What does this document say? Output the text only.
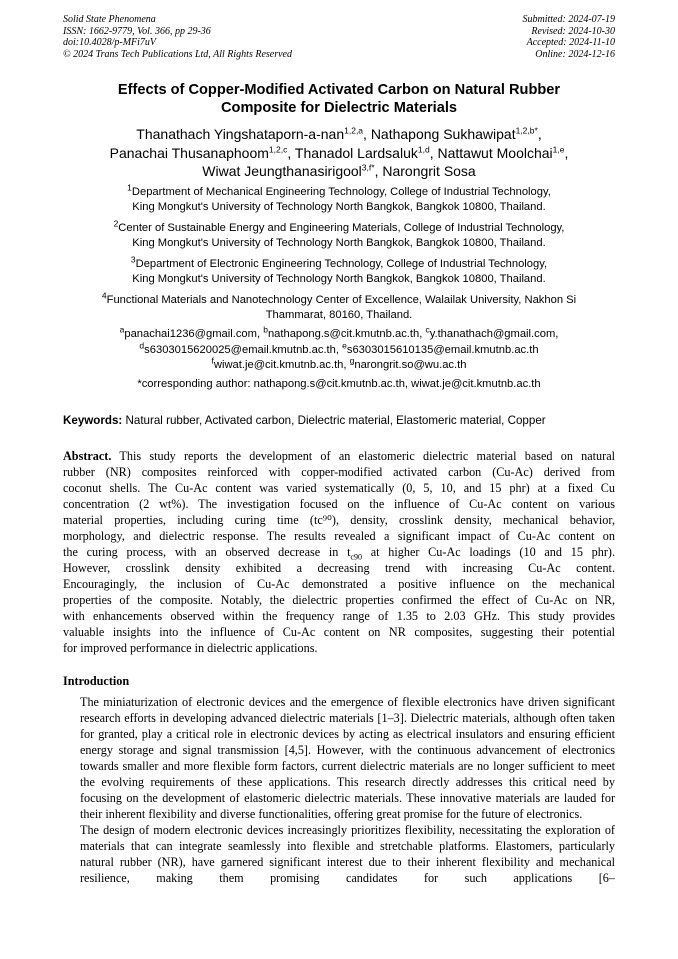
Solid State Phenomena
ISSN: 1662-9779, Vol. 366, pp 29-36
doi:10.4028/p-MFi7uV
© 2024 Trans Tech Publications Ltd, All Rights Reserved
Submitted: 2024-07-19
Revised: 2024-10-30
Accepted: 2024-11-10
Online: 2024-12-16
Effects of Copper-Modified Activated Carbon on Natural Rubber
Composite for Dielectric Materials
Thanathach Yingshataporn-a-nan$^{1,2,a}$, Nathapong Sukhawipat$^{1,2,b*}$,
Panachai Thusanaphoom$^{1,2,c}$, Thanadol Lardsaluk$^{1,d}$, Nattawut Moolchai$^{1,e}$,
Wiwat Jeungthanasirigool$^{3,f*}$, Narongrit Sosa
$^1$Department of Mechanical Engineering Technology, College of Industrial Technology,
King Mongkut's University of Technology North Bangkok, Bangkok 10800, Thailand.
$^2$Center of Sustainable Energy and Engineering Materials, College of Industrial Technology,
King Mongkut's University of Technology North Bangkok, Bangkok 10800, Thailand.
$^3$Department of Electronic Engineering Technology, College of Industrial Technology,
King Mongkut's University of Technology North Bangkok, Bangkok 10800, Thailand.
$^4$Functional Materials and Nanotechnology Center of Excellence, Walailak University, Nakhon Si
Thammarat, 80160, Thailand.
$^a$panachai1236@gmail.com, $^b$nathapong.s@cit.kmutnb.ac.th, $^c$y.thanathach@gmail.com,
$^d$s6303015620025@email.kmutnb.ac.th, $^e$s6303015610135@email.kmutnb.ac.th
$^f$wiwat.je@cit.kmutnb.ac.th, $^g$narongrit.so@wu.ac.th
*corresponding author: nathapong.s@cit.kmutnb.ac.th, wiwat.je@cit.kmutnb.ac.th
Keywords: Natural rubber, Activated carbon, Dielectric material, Elastomeric material, Copper
Abstract. This study reports the development of an elastomeric dielectric material based on natural
rubber (NR) composites reinforced with copper-modified activated carbon (Cu-Ac) derived from
coconut shells. The Cu-Ac content was varied systematically (0, 5, 10, and 15 phr) at a fixed Cu
concentration (2 wt%). The investigation focused on the influence of Cu-Ac content on various
material properties, including curing time (tc⁹⁰), density, crosslink density, mechanical behavior,
morphology, and dielectric response. The results revealed a significant impact of Cu-Ac content on
the curing process, with an observed decrease in $t_{c90}$ at higher Cu-Ac loadings (10 and 15 phr).
However, crosslink density exhibited a decreasing trend with increasing Cu-Ac content.
Encouragingly, the inclusion of Cu-Ac demonstrated a positive influence on the mechanical
properties of the composite. Notably, the dielectric properties confirmed the effect of Cu-Ac on NR,
with enhancements observed within the frequency range of 1.35 to 2.03 GHz. This study provides
valuable insights into the influence of Cu-Ac content on NR composites, suggesting their potential
for improved performance in dielectric applications.
Introduction

The miniaturization of electronic devices and the emergence of flexible electronics have driven significant research efforts in developing advanced dielectric materials [1–3]. Dielectric materials, although often taken for granted, play a critical role in electronic devices by acting as electrical insulators and ensuring efficient energy storage and signal transmission [4,5]. However, with the continuous advancement of electronics towards smaller and more flexible form factors, current dielectric materials are no longer sufficient to meet the evolving requirements of these applications. This research directly addresses this critical need by focusing on the development of elastomeric dielectric materials. These innovative materials are lauded for their inherent flexibility and diverse functionalities, offering great promise for the future of electronics.

The design of modern electronic devices increasingly prioritizes flexibility, necessitating the exploration of materials that can integrate seamlessly into flexible and stretchable platforms. Elastomers, particularly natural rubber (NR), have garnered significant interest due to their inherent flexibility and mechanical resilience, making them promising candidates for such applications [6–
